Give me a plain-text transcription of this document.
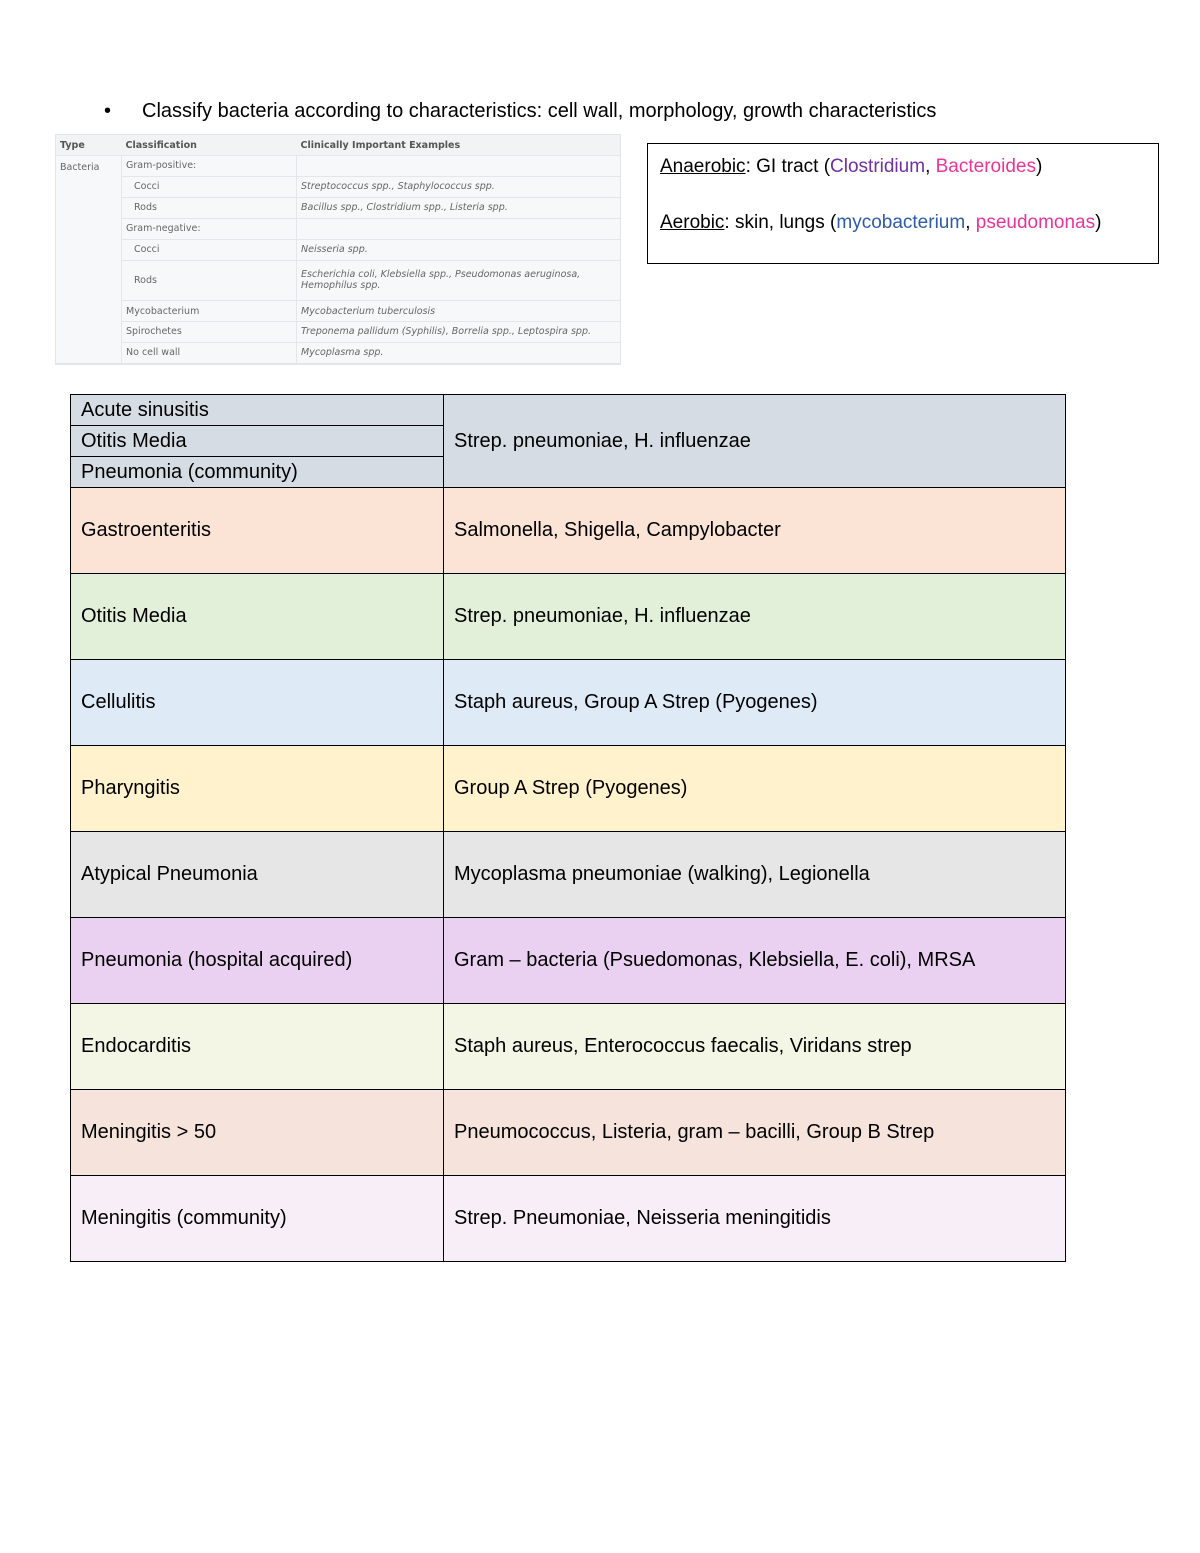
• Classify bacteria according to characteristics: cell wall, morphology, growth characteristics
Type	Classification	Clinically Important Examples
Bacteria	Gram-positive:	
	Cocci	Streptococcus spp., Staphylococcus spp.
	Rods	Bacillus spp., Clostridium spp., Listeria spp.
	Gram-negative:	
	Cocci	Neisseria spp.
	Rods	Escherichia coli, Klebsiella spp., Pseudomonas aeruginosa, Hemophilus spp.
	Mycobacterium	Mycobacterium tuberculosis
	Spirochetes	Treponema pallidum (Syphilis), Borrelia spp., Leptospira spp.
	No cell wall	Mycoplasma spp.

Anaerobic: GI tract (Clostridium, Bacteroides)

Aerobic: skin, lungs (mycobacterium, pseudomonas)

Acute sinusitis	Strep. pneumoniae, H. influenzae
Otitis Media	
Pneumonia (community)	
Gastroenteritis	Salmonella, Shigella, Campylobacter
Otitis Media	Strep. pneumoniae, H. influenzae
Cellulitis	Staph aureus, Group A Strep (Pyogenes)
Pharyngitis	Group A Strep (Pyogenes)
Atypical Pneumonia	Mycoplasma pneumoniae (walking), Legionella
Pneumonia (hospital acquired)	Gram – bacteria (Psuedomonas, Klebsiella, E. coli), MRSA
Endocarditis	Staph aureus, Enterococcus faecalis, Viridans strep
Meningitis > 50	Pneumococcus, Listeria, gram – bacilli, Group B Strep
Meningitis (community)	Strep. Pneumoniae, Neisseria meningitidis
